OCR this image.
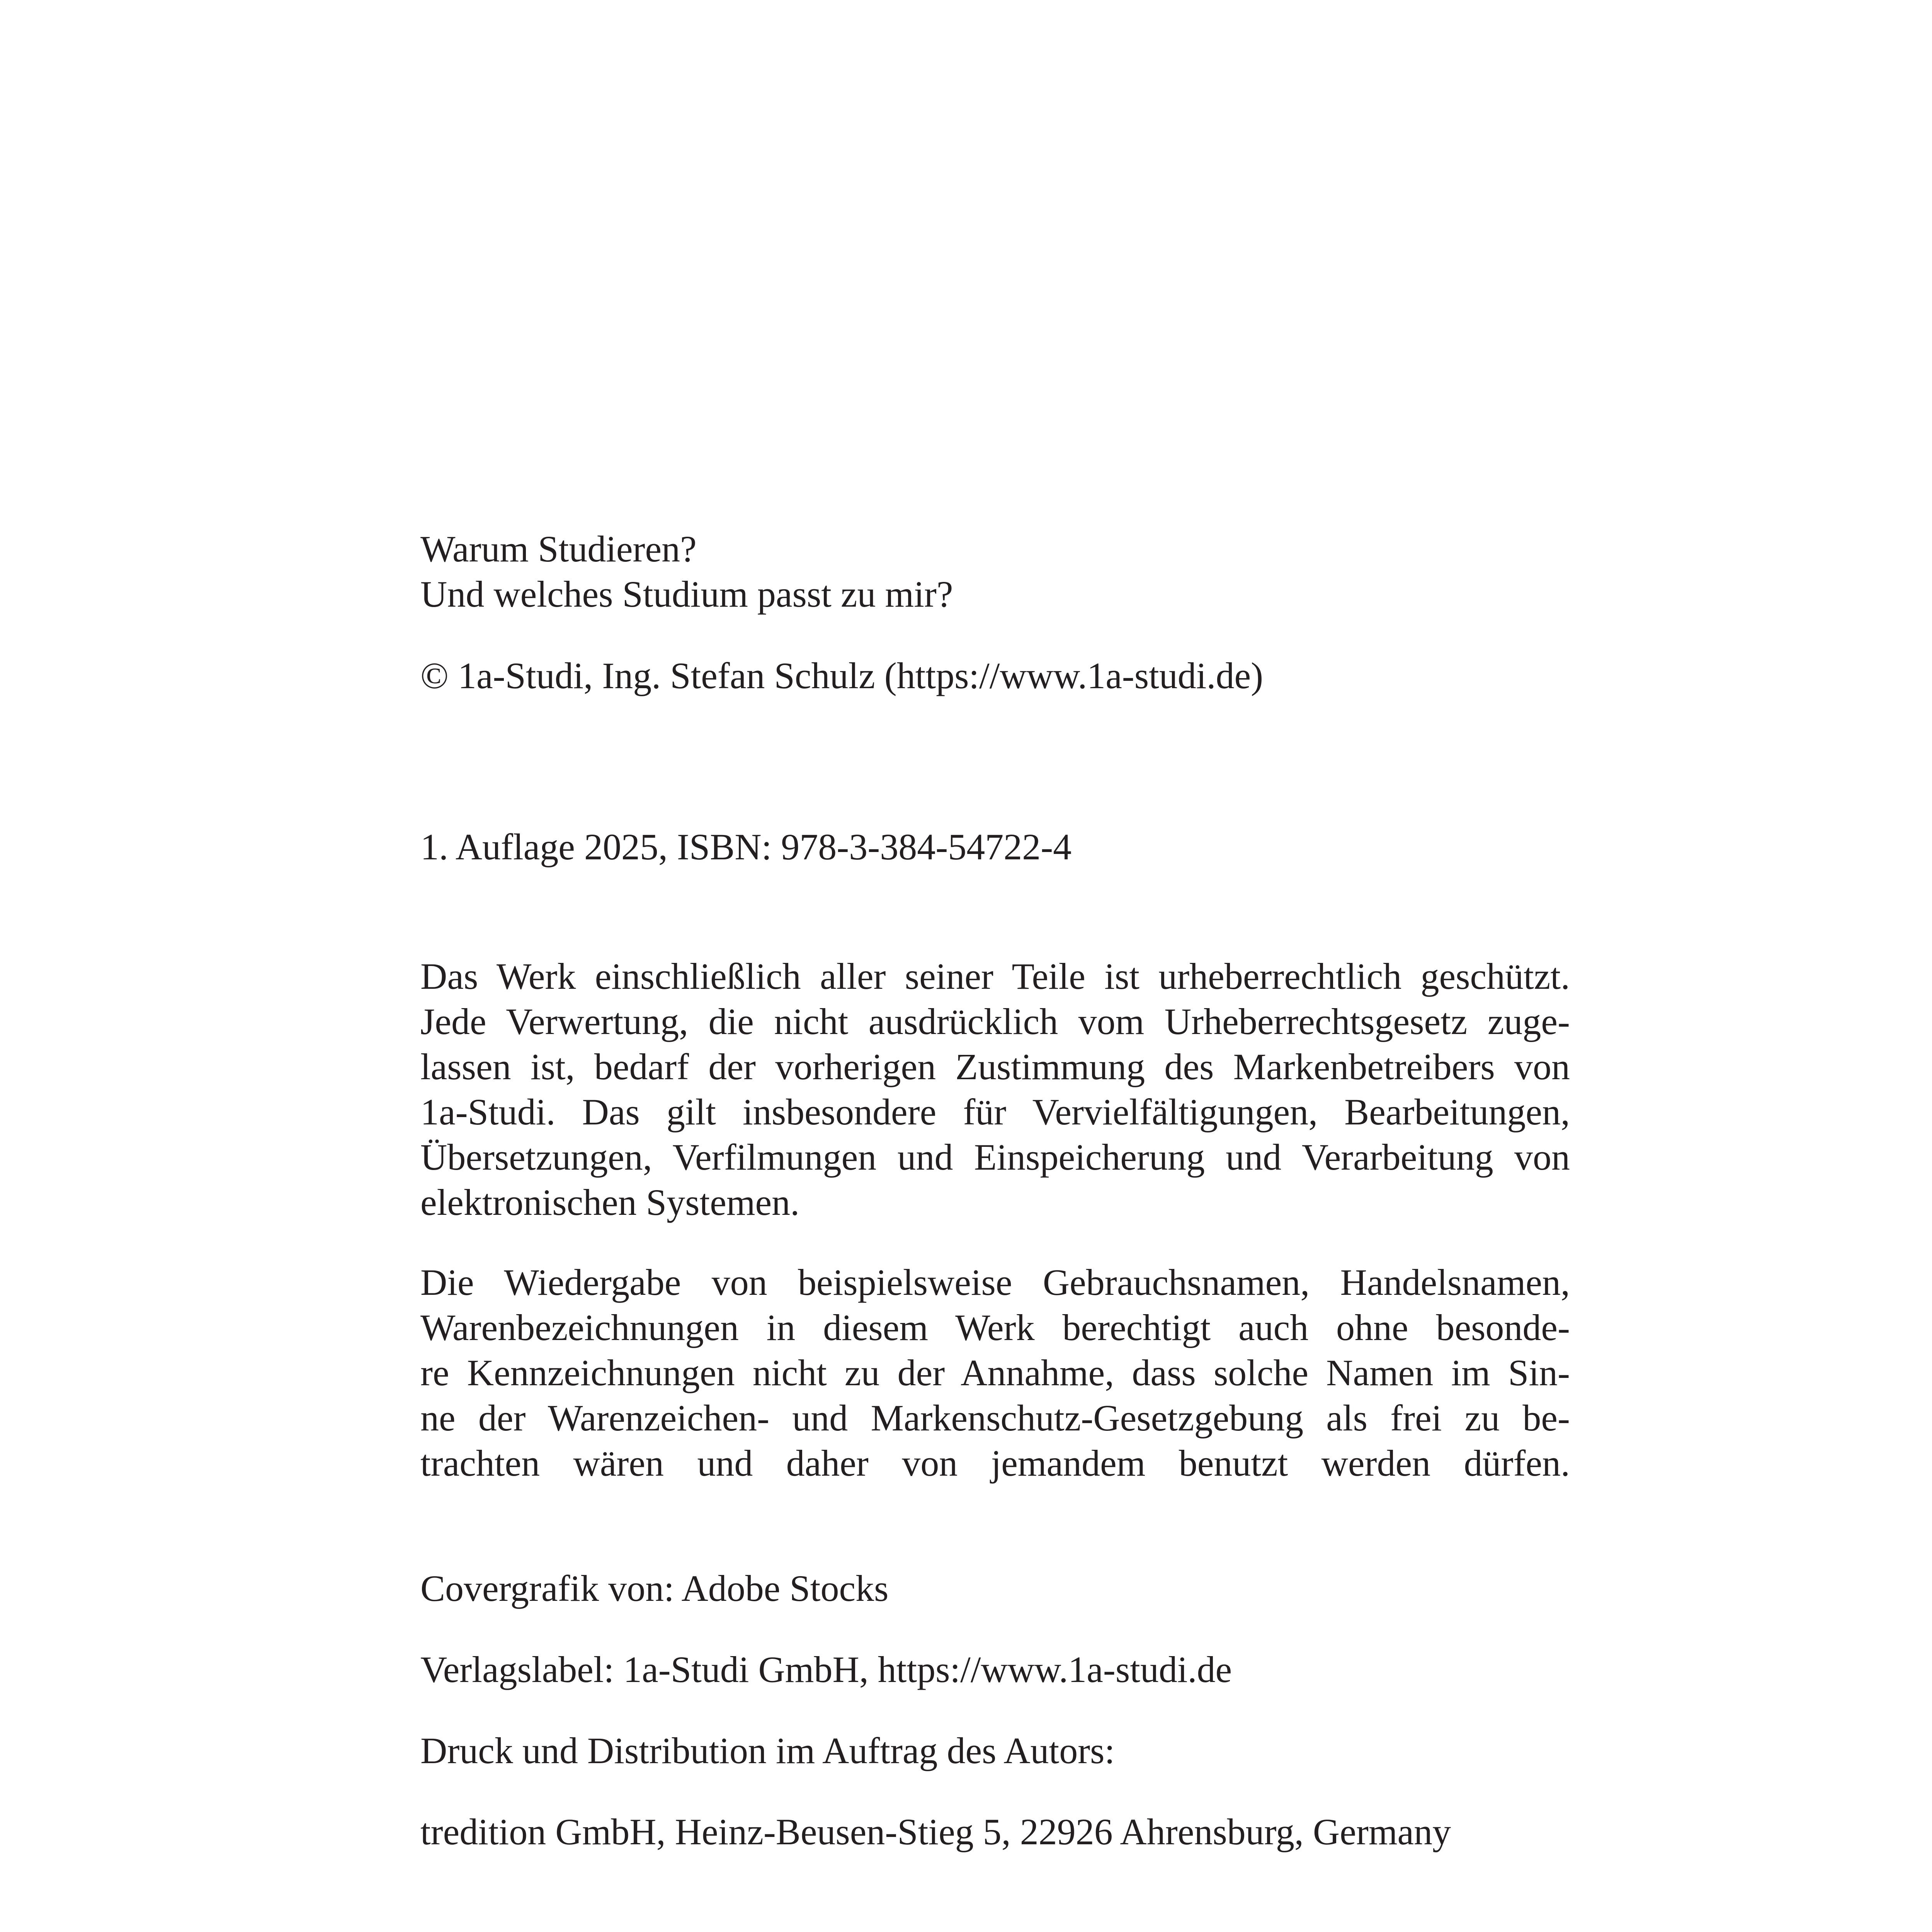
Warum Studieren?
Und welches Studium passt zu mir?
© 1a-Studi, Ing. Stefan Schulz (https://www.1a-studi.de)
1. Auflage 2025, ISBN: 978-3-384-54722-4
Das Werk einschließlich aller seiner Teile ist urheberrechtlich geschützt.
Jede Verwertung, die nicht ausdrücklich vom Urheberrechtsgesetz zuge-
lassen ist, bedarf der vorherigen Zustimmung des Markenbetreibers von
1a-Studi. Das gilt insbesondere für Vervielfältigungen, Bearbeitungen,
Übersetzungen, Verfilmungen und Einspeicherung und Verarbeitung von
elektronischen Systemen.
Die Wiedergabe von beispielsweise Gebrauchsnamen, Handelsnamen,
Warenbezeichnungen in diesem Werk berechtigt auch ohne besonde-
re Kennzeichnungen nicht zu der Annahme, dass solche Namen im Sin-
ne der Warenzeichen- und Markenschutz-Gesetzgebung als frei zu be-
trachten wären und daher von jemandem benutzt werden dürfen.
Covergrafik von: Adobe Stocks
Verlagslabel: 1a-Studi GmbH, https://www.1a-studi.de
Druck und Distribution im Auftrag des Autors:
tredition GmbH, Heinz-Beusen-Stieg 5, 22926 Ahrensburg, Germany
